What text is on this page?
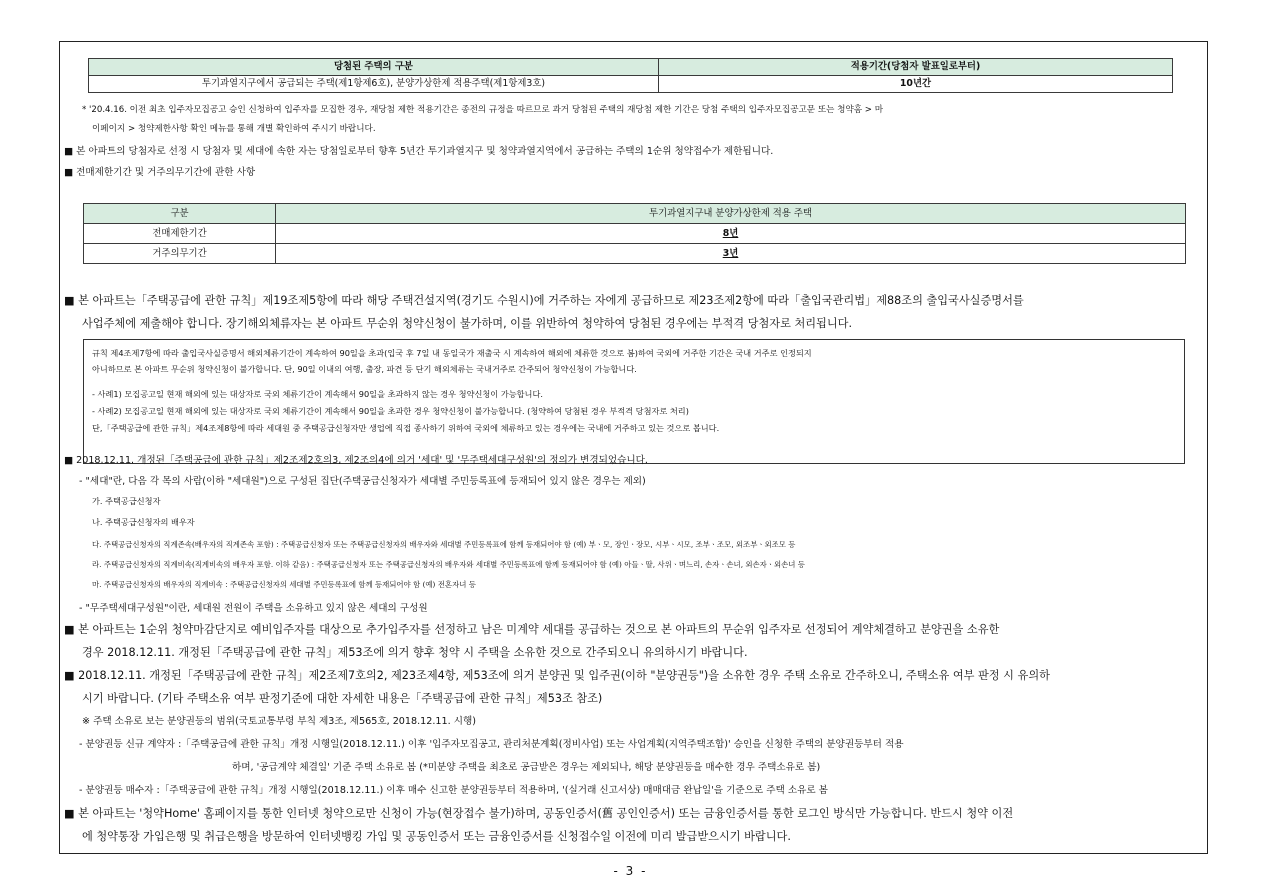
당첨된 주택의 구분	적용기간(당첨자 발표일로부터)
투기과열지구에서 공급되는 주택(제1항제6호), 분양가상한제 적용주택(제1항제3호)	10년간
* '20.4.16. 이전 최초 입주자모집공고 승인 신청하여 입주자를 모집한 경우, 재당첨 제한 적용기간은 종전의 규정을 따르므로 과거 당첨된 주택의 재당첨 제한 기간은 당첨 주택의 입주자모집공고문 또는 청약홈 > 마
이페이지 > 청약제한사항 확인 메뉴를 통해 개별 확인하여 주시기 바랍니다.
■ 본 아파트의 당첨자로 선정 시 당첨자 및 세대에 속한 자는 당첨일로부터 향후 5년간 투기과열지구 및 청약과열지역에서 공급하는 주택의 1순위 청약접수가 제한됩니다.
■ 전매제한기간 및 거주의무기간에 관한 사항
구분	투기과열지구내 분양가상한제 적용 주택
전매제한기간	8년
거주의무기간	3년
■ 본 아파트는「주택공급에 관한 규칙」제19조제5항에 따라 해당 주택건설지역(경기도 수원시)에 거주하는 자에게 공급하므로 제23조제2항에 따라「출입국관리법」제88조의 출입국사실증명서를
사업주체에 제출해야 합니다. 장기해외체류자는 본 아파트 무순위 청약신청이 불가하며, 이를 위반하여 청약하여 당첨된 경우에는 부적격 당첨자로 처리됩니다.
규칙 제4조제7항에 따라 출입국사실증명서 해외체류기간이 계속하여 90일을 초과(입국 후 7일 내 동일국가 재출국 시 계속하여 해외에 체류한 것으로 봄)하여 국외에 거주한 기간은 국내 거주로 인정되지
아니하므로 본 아파트 무순위 청약신청이 불가합니다. 단, 90일 이내의 여행, 출장, 파견 등 단기 해외체류는 국내거주로 간주되어 청약신청이 가능합니다.
- 사례1) 모집공고일 현재 해외에 있는 대상자로 국외 체류기간이 계속해서 90일을 초과하지 않는 경우 청약신청이 가능합니다.
- 사례2) 모집공고일 현재 해외에 있는 대상자로 국외 체류기간이 계속해서 90일을 초과한 경우 청약신청이 불가능합니다. (청약하여 당첨된 경우 부적격 당첨자로 처리)
단,「주택공급에 관한 규칙」제4조제8항에 따라 세대원 중 주택공급신청자만 생업에 직접 종사하기 위하여 국외에 체류하고 있는 경우에는 국내에 거주하고 있는 것으로 봅니다.
■ 2018.12.11. 개정된「주택공급에 관한 규칙」제2조제2호의3, 제2조의4에 의거 '세대' 및 '무주택세대구성원'의 정의가 변경되었습니다.
- "세대"란, 다음 각 목의 사람(이하 "세대원")으로 구성된 집단(주택공급신청자가 세대별 주민등록표에 등재되어 있지 않은 경우는 제외)
가. 주택공급신청자
나. 주택공급신청자의 배우자
다. 주택공급신청자의 직계존속(배우자의 직계존속 포함) : 주택공급신청자 또는 주택공급신청자의 배우자와 세대별 주민등록표에 함께 등재되어야 함 (예) 부ㆍ모, 장인ㆍ장모, 시부ㆍ시모, 조부ㆍ조모, 외조부ㆍ외조모 등
라. 주택공급신청자의 직계비속(직계비속의 배우자 포함. 이하 같음) : 주택공급신청자 또는 주택공급신청자의 배우자와 세대별 주민등록표에 함께 등재되어야 함 (예) 아들ㆍ딸, 사위ㆍ며느리, 손자ㆍ손녀, 외손자ㆍ외손녀 등
마. 주택공급신청자의 배우자의 직계비속 : 주택공급신청자의 세대별 주민등록표에 함께 등재되어야 함 (예) 전혼자녀 등
- "무주택세대구성원"이란, 세대원 전원이 주택을 소유하고 있지 않은 세대의 구성원
■ 본 아파트는 1순위 청약마감단지로 예비입주자를 대상으로 추가입주자를 선정하고 남은 미계약 세대를 공급하는 것으로 본 아파트의 무순위 입주자로 선정되어 계약체결하고 분양권을 소유한
경우 2018.12.11. 개정된「주택공급에 관한 규칙」제53조에 의거 향후 청약 시 주택을 소유한 것으로 간주되오니 유의하시기 바랍니다.
■ 2018.12.11. 개정된「주택공급에 관한 규칙」제2조제7호의2, 제23조제4항, 제53조에 의거 분양권 및 입주권(이하 "분양권등")을 소유한 경우 주택 소유로 간주하오니, 주택소유 여부 판정 시 유의하
시기 바랍니다. (기타 주택소유 여부 판정기준에 대한 자세한 내용은「주택공급에 관한 규칙」제53조 참조)
※ 주택 소유로 보는 분양권등의 범위(국토교통부령 부칙 제3조, 제565호, 2018.12.11. 시행)
- 분양권등 신규 계약자 :「주택공급에 관한 규칙」개정 시행일(2018.12.11.) 이후 '입주자모집공고, 관리처분계획(정비사업) 또는 사업계획(지역주택조합)' 승인을 신청한 주택의 분양권등부터 적용
하며, '공급계약 체결일' 기준 주택 소유로 봄 (*미분양 주택을 최초로 공급받은 경우는 제외되나, 해당 분양권등을 매수한 경우 주택소유로 봄)
- 분양권등 매수자 :「주택공급에 관한 규칙」개정 시행일(2018.12.11.) 이후 매수 신고한 분양권등부터 적용하며, '(실거래 신고서상) 매매대금 완납일'을 기준으로 주택 소유로 봄
■ 본 아파트는 '청약Home' 홈페이지를 통한 인터넷 청약으로만 신청이 가능(현장접수 불가)하며, 공동인증서(舊 공인인증서) 또는 금융인증서를 통한 로그인 방식만 가능합니다. 반드시 청약 이전
에 청약통장 가입은행 및 취급은행을 방문하여 인터넷뱅킹 가입 및 공동인증서 또는 금융인증서를 신청접수일 이전에 미리 발급받으시기 바랍니다.
- 3 -
